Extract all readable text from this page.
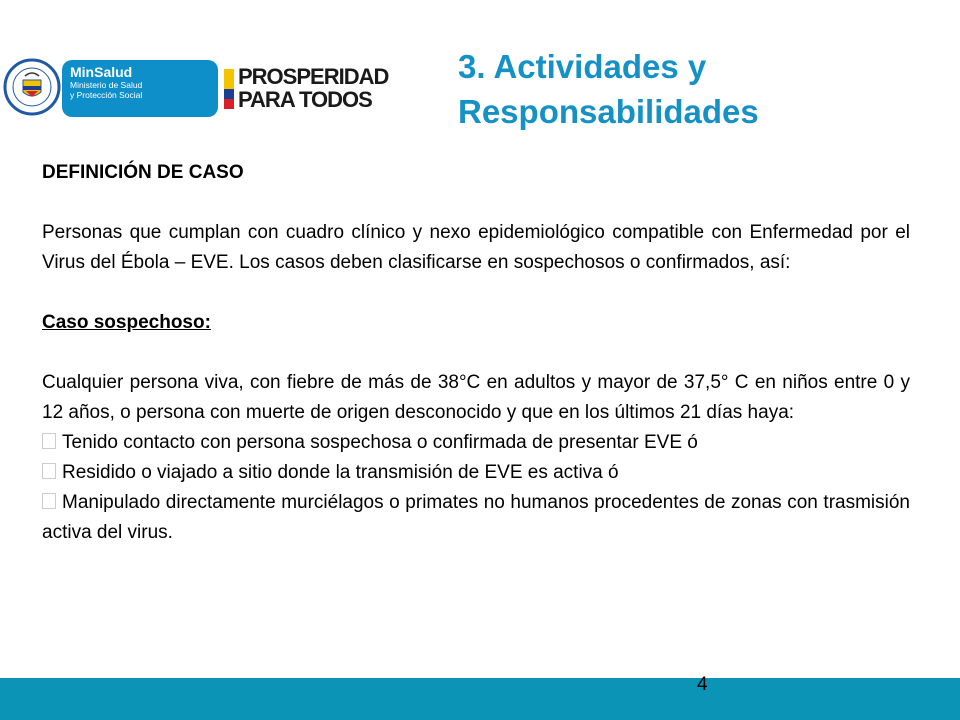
MinSalud
Ministerio de Salud
y Protección Social
PROSPERIDAD
PARA TODOS
3. Actividades y
Responsabilidades

DEFINICIÓN DE CASO

Personas que cumplan con cuadro clínico y nexo epidemiológico compatible con Enfermedad por el Virus del Ébola – EVE. Los casos deben clasificarse en sospechosos o confirmados, así:

Caso sospechoso:

Cualquier persona viva, con fiebre de más de 38°C en adultos y mayor de 37,5° C en niños entre 0 y 12 años, o persona con muerte de origen desconocido y que en los últimos 21 días haya:

Tenido contacto con persona sospechosa o confirmada de presentar EVE ó

Residido o viajado a sitio donde la transmisión de EVE es activa ó

Manipulado directamente murciélagos o primates no humanos procedentes de zonas con trasmisión activa del virus.

4
